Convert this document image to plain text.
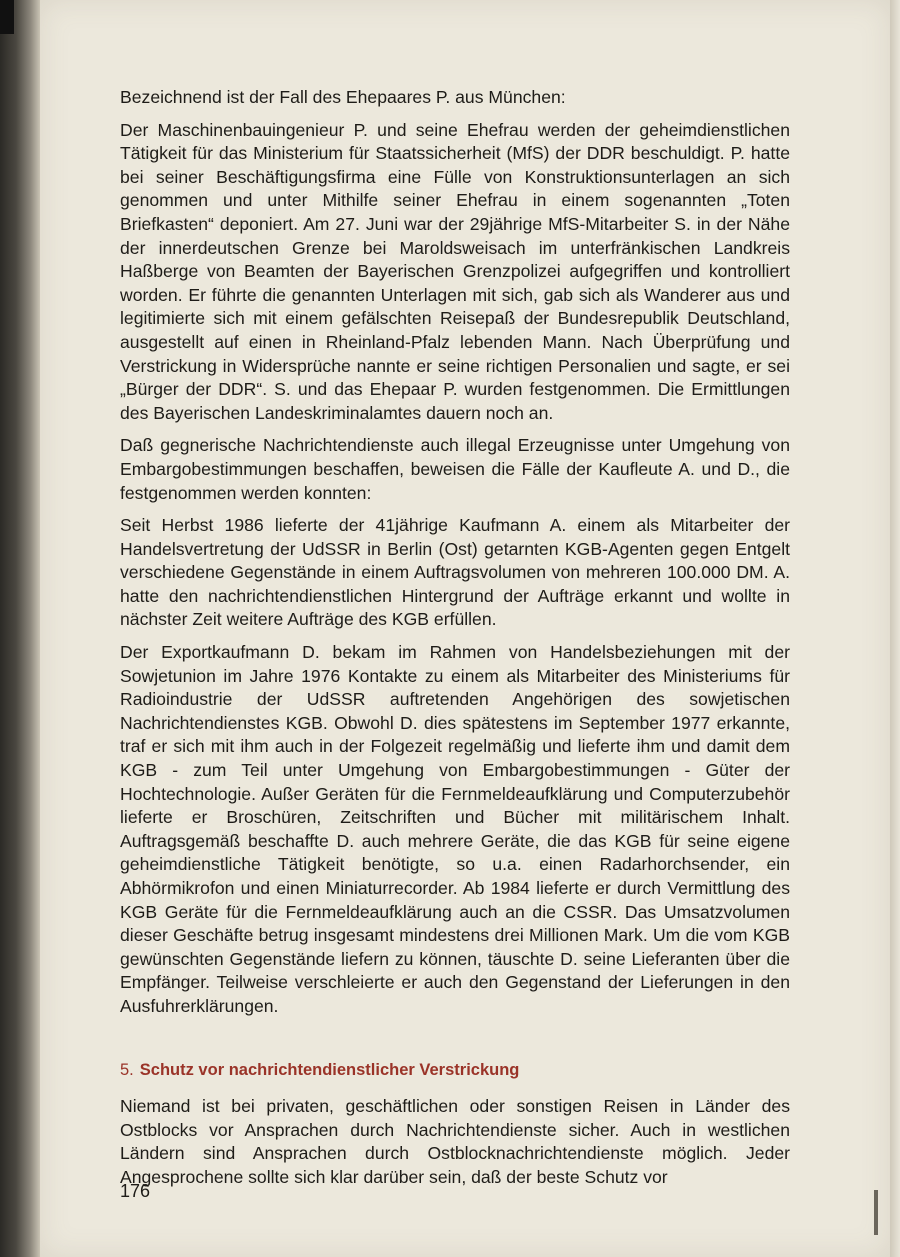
Bezeichnend ist der Fall des Ehepaares P. aus München:

Der Maschinenbauingenieur P. und seine Ehefrau werden der geheimdienstlichen Tätigkeit für das Ministerium für Staatssicherheit (MfS) der DDR beschuldigt. P. hatte bei seiner Beschäftigungsfirma eine Fülle von Konstruktionsunterlagen an sich genommen und unter Mithilfe seiner Ehefrau in einem sogenannten „Toten Briefkasten“ deponiert. Am 27. Juni war der 29jährige MfS-Mitarbeiter S. in der Nähe der innerdeutschen Grenze bei Maroldsweisach im unterfränkischen Landkreis Haßberge von Beamten der Bayerischen Grenzpolizei aufgegriffen und kontrolliert worden. Er führte die genannten Unterlagen mit sich, gab sich als Wanderer aus und legitimierte sich mit einem gefälschten Reisepaß der Bundesrepublik Deutschland, ausgestellt auf einen in Rheinland-Pfalz lebenden Mann. Nach Überprüfung und Verstrickung in Widersprüche nannte er seine richtigen Personalien und sagte, er sei „Bürger der DDR“. S. und das Ehepaar P. wurden festgenommen. Die Ermittlungen des Bayerischen Landeskriminalamtes dauern noch an.

Daß gegnerische Nachrichtendienste auch illegal Erzeugnisse unter Umgehung von Embargobestimmungen beschaffen, beweisen die Fälle der Kaufleute A. und D., die festgenommen werden konnten:

Seit Herbst 1986 lieferte der 41jährige Kaufmann A. einem als Mitarbeiter der Handelsvertretung der UdSSR in Berlin (Ost) getarnten KGB-Agenten gegen Entgelt verschiedene Gegenstände in einem Auftragsvolumen von mehreren 100.000 DM. A. hatte den nachrichtendienstlichen Hintergrund der Aufträge erkannt und wollte in nächster Zeit weitere Aufträge des KGB erfüllen.

Der Exportkaufmann D. bekam im Rahmen von Handelsbeziehungen mit der Sowjetunion im Jahre 1976 Kontakte zu einem als Mitarbeiter des Ministeriums für Radioindustrie der UdSSR auftretenden Angehörigen des sowjetischen Nachrichtendienstes KGB. Obwohl D. dies spätestens im September 1977 erkannte, traf er sich mit ihm auch in der Folgezeit regelmäßig und lieferte ihm und damit dem KGB - zum Teil unter Umgehung von Embargobestimmungen - Güter der Hochtechnologie. Außer Geräten für die Fernmeldeaufklärung und Computerzubehör lieferte er Broschüren, Zeitschriften und Bücher mit militärischem Inhalt. Auftragsgemäß beschaffte D. auch mehrere Geräte, die das KGB für seine eigene geheimdienstliche Tätigkeit benötigte, so u.a. einen Radarhorchsender, ein Abhörmikrofon und einen Miniaturrecorder. Ab 1984 lieferte er durch Vermittlung des KGB Geräte für die Fernmeldeaufklärung auch an die CSSR. Das Umsatzvolumen dieser Geschäfte betrug insgesamt mindestens drei Millionen Mark. Um die vom KGB gewünschten Gegenstände liefern zu können, täuschte D. seine Lieferanten über die Empfänger. Teilweise verschleierte er auch den Gegenstand der Lieferungen in den Ausfuhrerklärungen.

5. Schutz vor nachrichtendienstlicher Verstrickung

Niemand ist bei privaten, geschäftlichen oder sonstigen Reisen in Länder des Ostblocks vor Ansprachen durch Nachrichtendienste sicher. Auch in westlichen Ländern sind Ansprachen durch Ostblocknachrichtendienste möglich. Jeder Angesprochene sollte sich klar darüber sein, daß der beste Schutz vor

176
